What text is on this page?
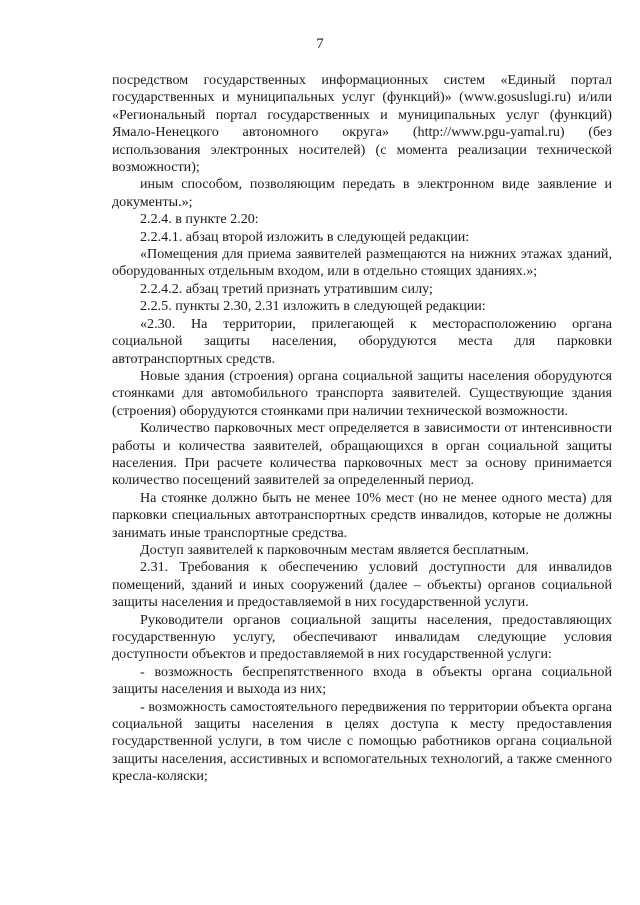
7

посредством государственных информационных систем «Единый портал государственных и муниципальных услуг (функций)» (www.gosuslugi.ru) и/или «Региональный портал государственных и муниципальных услуг (функций) Ямало-Ненецкого автономного округа» (http://www.pgu-yamal.ru) (без использования электронных носителей) (с момента реализации технической возможности);

иным способом, позволяющим передать в электронном виде заявление и документы.»;

2.2.4. в пункте 2.20:

2.2.4.1. абзац второй изложить в следующей редакции:

«Помещения для приема заявителей размещаются на нижних этажах зданий, оборудованных отдельным входом, или в отдельно стоящих зданиях.»;

2.2.4.2. абзац третий признать утратившим силу;

2.2.5. пункты 2.30, 2.31 изложить в следующей редакции:

«2.30. На территории, прилегающей к месторасположению органа социальной защиты населения, оборудуются места для парковки автотранспортных средств.

Новые здания (строения) органа социальной защиты населения оборудуются стоянками для автомобильного транспорта заявителей. Существующие здания (строения) оборудуются стоянками при наличии технической возможности.

Количество парковочных мест определяется в зависимости от интенсивности работы и количества заявителей, обращающихся в орган социальной защиты населения. При расчете количества парковочных мест за основу принимается количество посещений заявителей за определенный период.

На стоянке должно быть не менее 10% мест (но не менее одного места) для парковки специальных автотранспортных средств инвалидов, которые не должны занимать иные транспортные средства.

Доступ заявителей к парковочным местам является бесплатным.

2.31. Требования к обеспечению условий доступности для инвалидов помещений, зданий и иных сооружений (далее – объекты) органов социальной защиты населения и предоставляемой в них государственной услуги.

Руководители органов социальной защиты населения, предоставляющих государственную услугу, обеспечивают инвалидам следующие условия доступности объектов и предоставляемой в них государственной услуги:

- возможность беспрепятственного входа в объекты органа социальной защиты населения и выхода из них;

- возможность самостоятельного передвижения по территории объекта органа социальной защиты населения в целях доступа к месту предоставления государственной услуги, в том числе с помощью работников органа социальной защиты населения, ассистивных и вспомогательных технологий, а также сменного кресла-коляски;
